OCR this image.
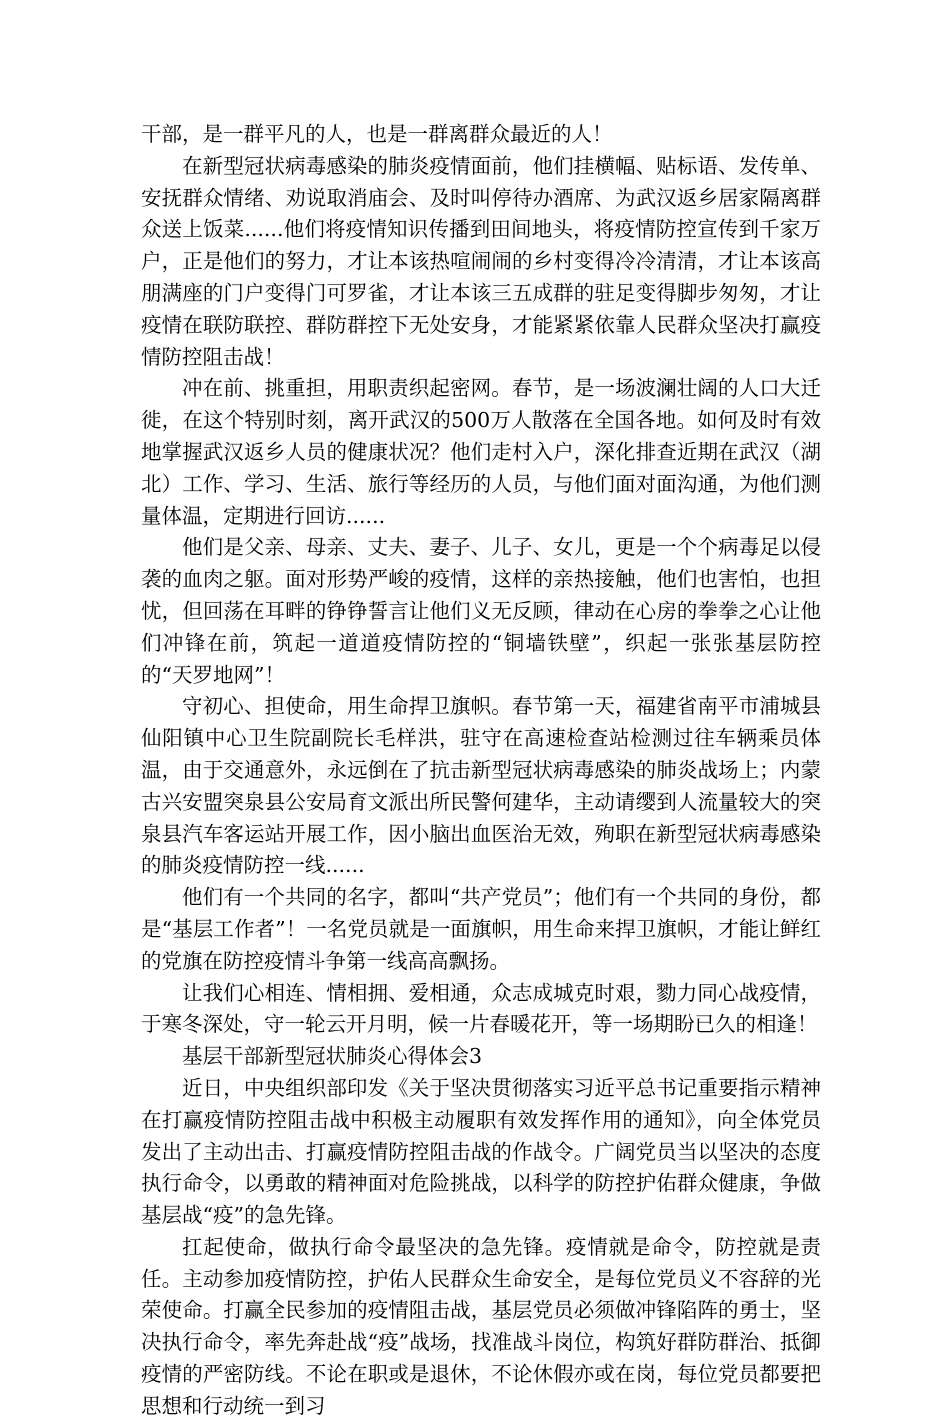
干部，是一群平凡的人，也是一群离群众最近的人！

在新型冠状病毒感染的肺炎疫情面前，他们挂横幅、贴标语、发传单、安抚群众情绪、劝说取消庙会、及时叫停待办酒席、为武汉返乡居家隔离群众送上饭菜......他们将疫情知识传播到田间地头，将疫情防控宣传到千家万户，正是他们的努力，才让本该热喧闹闹的乡村变得冷冷清清，才让本该高朋满座的门户变得门可罗雀，才让本该三五成群的驻足变得脚步匆匆，才让疫情在联防联控、群防群控下无处安身，才能紧紧依靠人民群众坚决打赢疫情防控阻击战！

冲在前、挑重担，用职责织起密网。春节，是一场波澜壮阔的人口大迁徙，在这个特别时刻，离开武汉的500万人散落在全国各地。如何及时有效地掌握武汉返乡人员的健康状况？他们走村入户，深化排查近期在武汉（湖北）工作、学习、生活、旅行等经历的人员，与他们面对面沟通，为他们测量体温，定期进行回访......

他们是父亲、母亲、丈夫、妻子、儿子、女儿，更是一个个病毒足以侵袭的血肉之躯。面对形势严峻的疫情，这样的亲热接触，他们也害怕，也担忧，但回荡在耳畔的铮铮誓言让他们义无反顾，律动在心房的拳拳之心让他们冲锋在前，筑起一道道疫情防控的“铜墙铁壁”，织起一张张基层防控的“天罗地网”！

守初心、担使命，用生命捍卫旗帜。春节第一天，福建省南平市浦城县仙阳镇中心卫生院副院长毛样洪，驻守在高速检查站检测过往车辆乘员体温，由于交通意外，永远倒在了抗击新型冠状病毒感染的肺炎战场上；内蒙古兴安盟突泉县公安局育文派出所民警何建华，主动请缨到人流量较大的突泉县汽车客运站开展工作，因小脑出血医治无效，殉职在新型冠状病毒感染的肺炎疫情防控一线......

他们有一个共同的名字，都叫“共产党员”；他们有一个共同的身份，都是“基层工作者”！一名党员就是一面旗帜，用生命来捍卫旗帜，才能让鲜红的党旗在防控疫情斗争第一线高高飘扬。

让我们心相连、情相拥、爱相通，众志成城克时艰，勠力同心战疫情，于寒冬深处，守一轮云开月明，候一片春暖花开，等一场期盼已久的相逢！

基层干部新型冠状肺炎心得体会3

近日，中央组织部印发《关于坚决贯彻落实习近平总书记重要指示精神在打赢疫情防控阻击战中积极主动履职有效发挥作用的通知》，向全体党员发出了主动出击、打赢疫情防控阻击战的作战令。广阔党员当以坚决的态度执行命令，以勇敢的精神面对危险挑战，以科学的防控护佑群众健康，争做基层战“疫”的急先锋。

扛起使命，做执行命令最坚决的急先锋。疫情就是命令，防控就是责任。主动参加疫情防控，护佑人民群众生命安全，是每位党员义不容辞的光荣使命。打赢全民参加的疫情阻击战，基层党员必须做冲锋陷阵的勇士，坚决执行命令，率先奔赴战“疫”战场，找准战斗岗位，构筑好群防群治、抵御疫情的严密防线。不论在职或是退休，不论休假亦或在岗，每位党员都要把思想和行动统一到习
